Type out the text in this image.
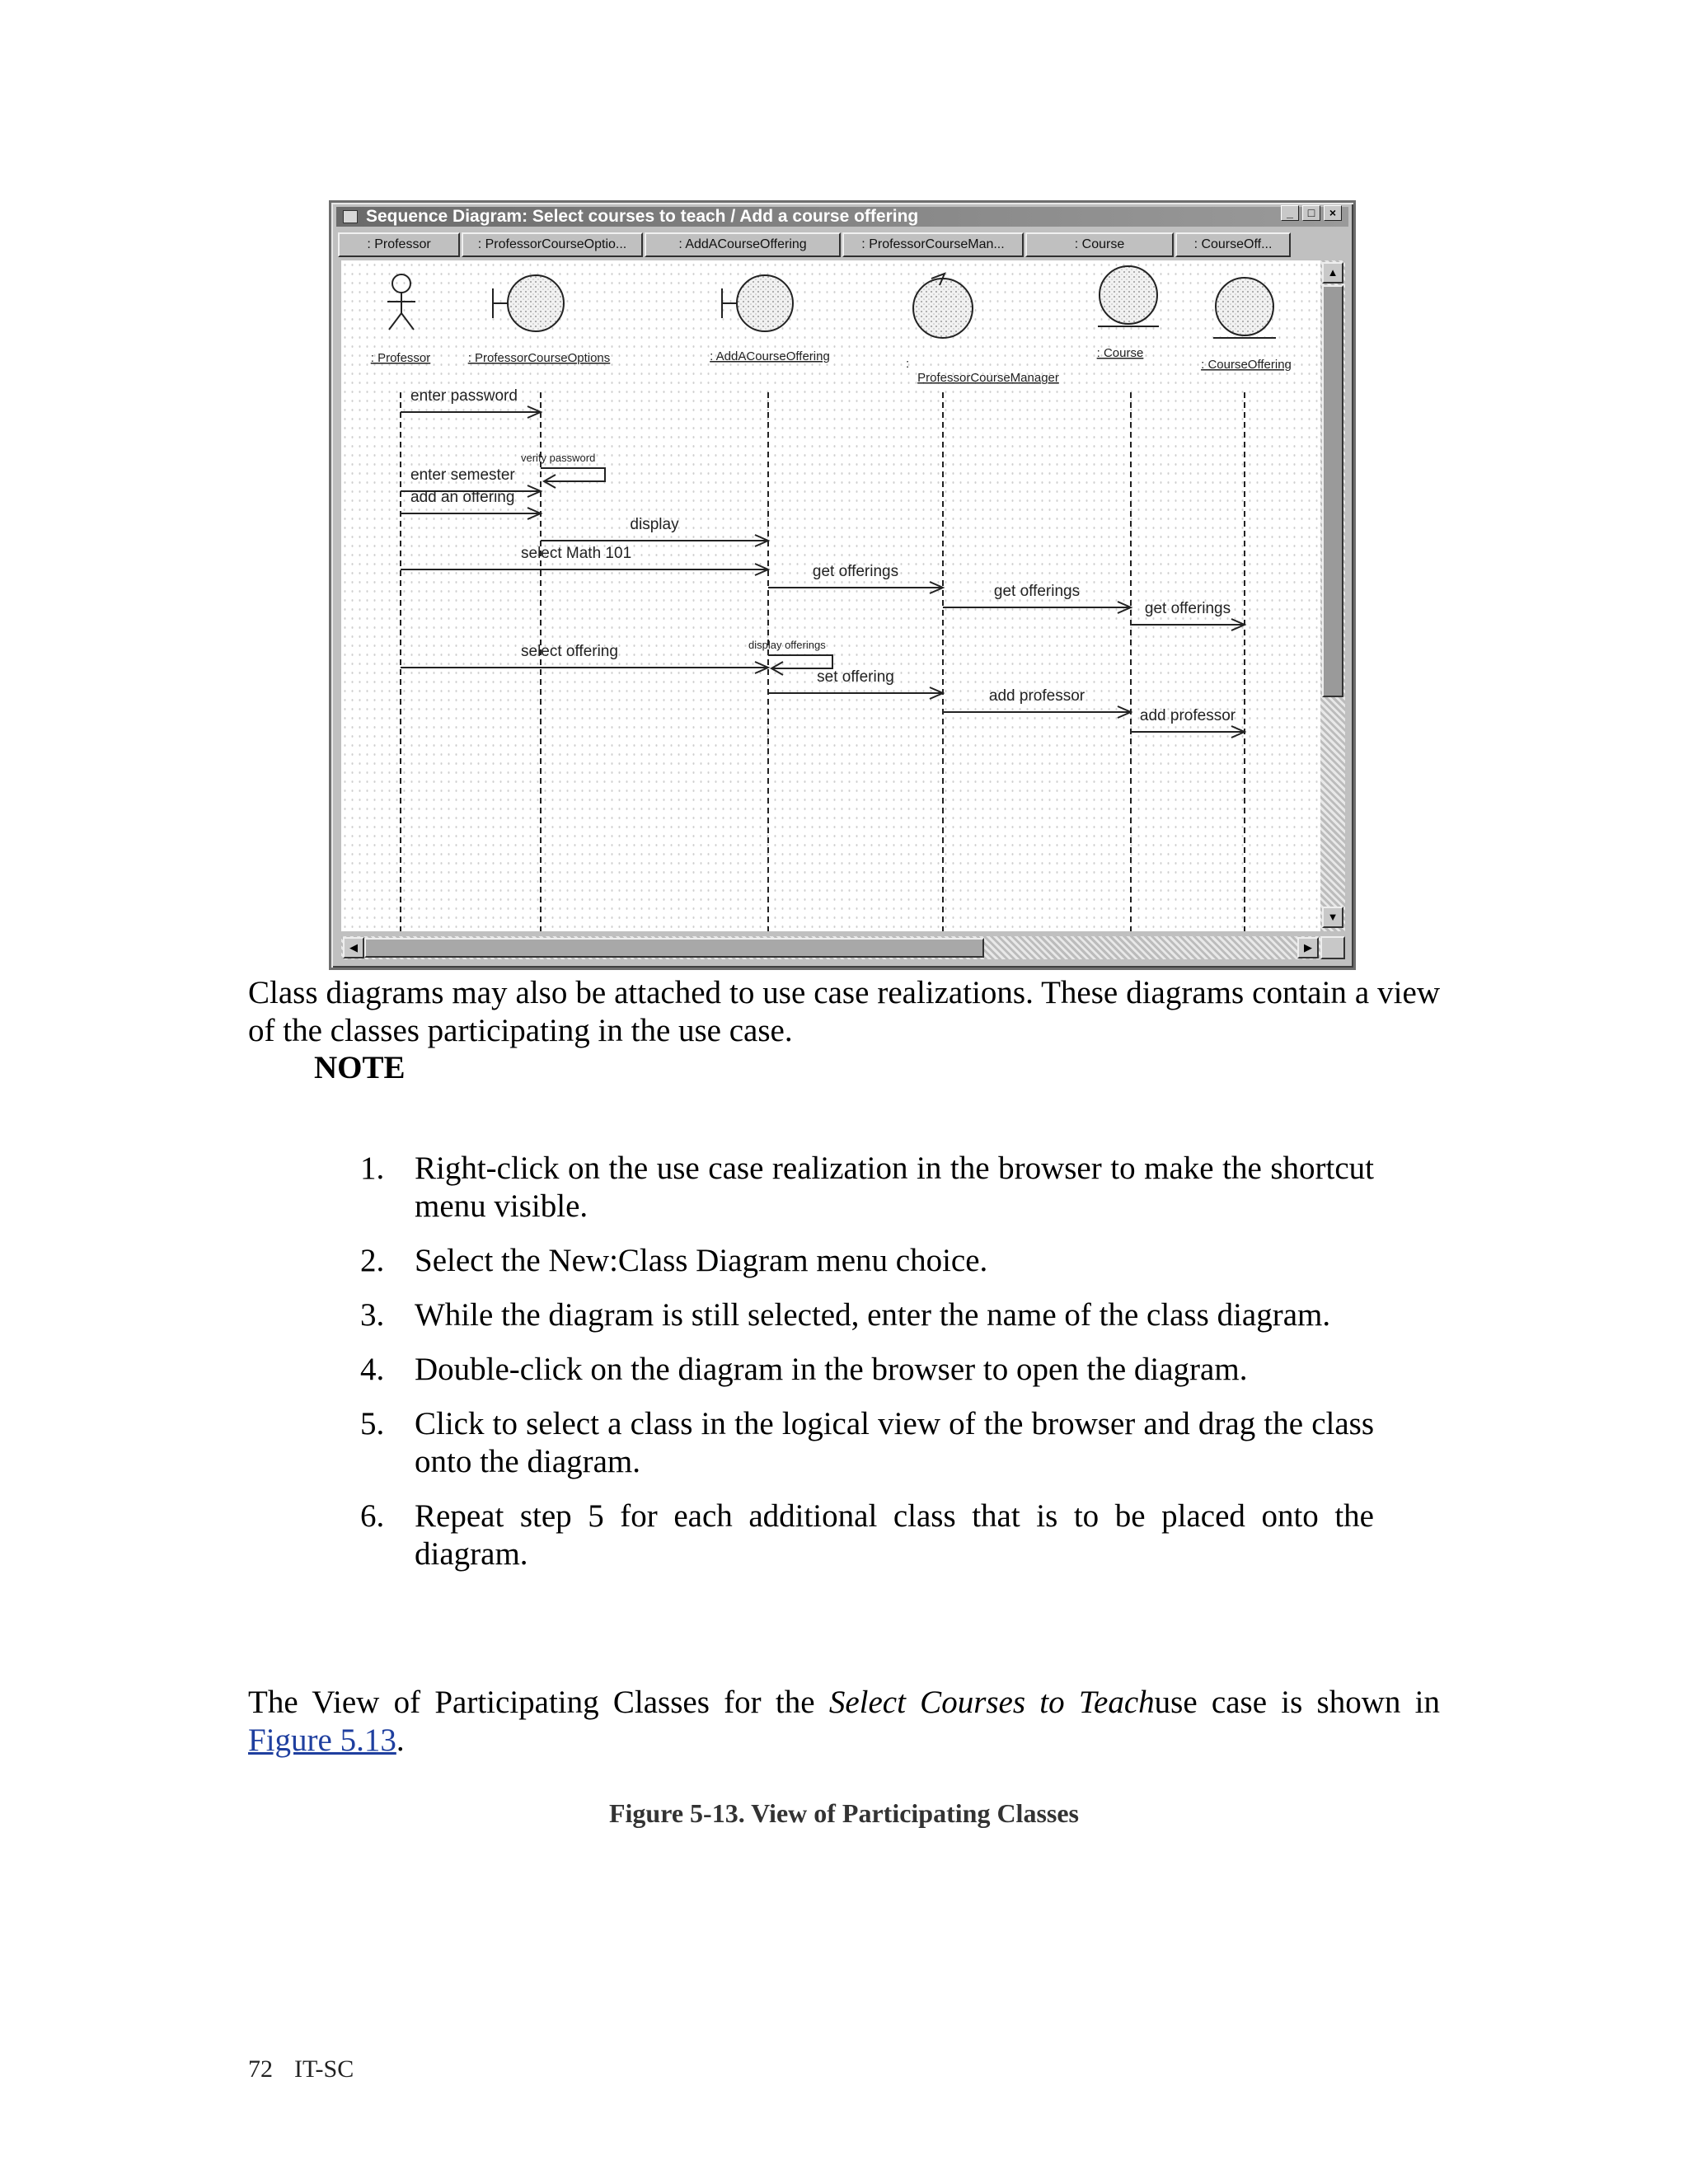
Sequence Diagram: Select courses to teach / Add a course offering	_	□	×
: Professor	: ProfessorCourseOptio...	: AddACourseOffering	: ProfessorCourseMan...	: Course	: CourseOff...
: Professor	: ProfessorCourseOptions	: AddACourseOffering
:
ProfessorCourseManager
: Course
: CourseOffering
enter password
verify password
enter semester
add an offering
display
select Math 101
get offerings
get offerings
get offerings
display offerings
select offering
set offering
add professor
add professor
▲
▼
◀	▶

Class diagrams may also be attached to use case realizations. These diagrams contain a view of the classes participating in the use case.

NOTE
1. Right-click on the use case realization in the browser to make the shortcut menu visible.
2. Select the New:Class Diagram menu choice.
3. While the diagram is still selected, enter the name of the class diagram.
4. Double-click on the diagram in the browser to open the diagram.
5. Click to select a class in the logical view of the browser and drag the class onto the diagram.
6. Repeat step 5 for each additional class that is to be placed onto the diagram.

The View of Participating Classes for the Select Courses to Teachuse case is shown in Figure 5.13.

Figure 5-13. View of Participating Classes
72 IT-SC
